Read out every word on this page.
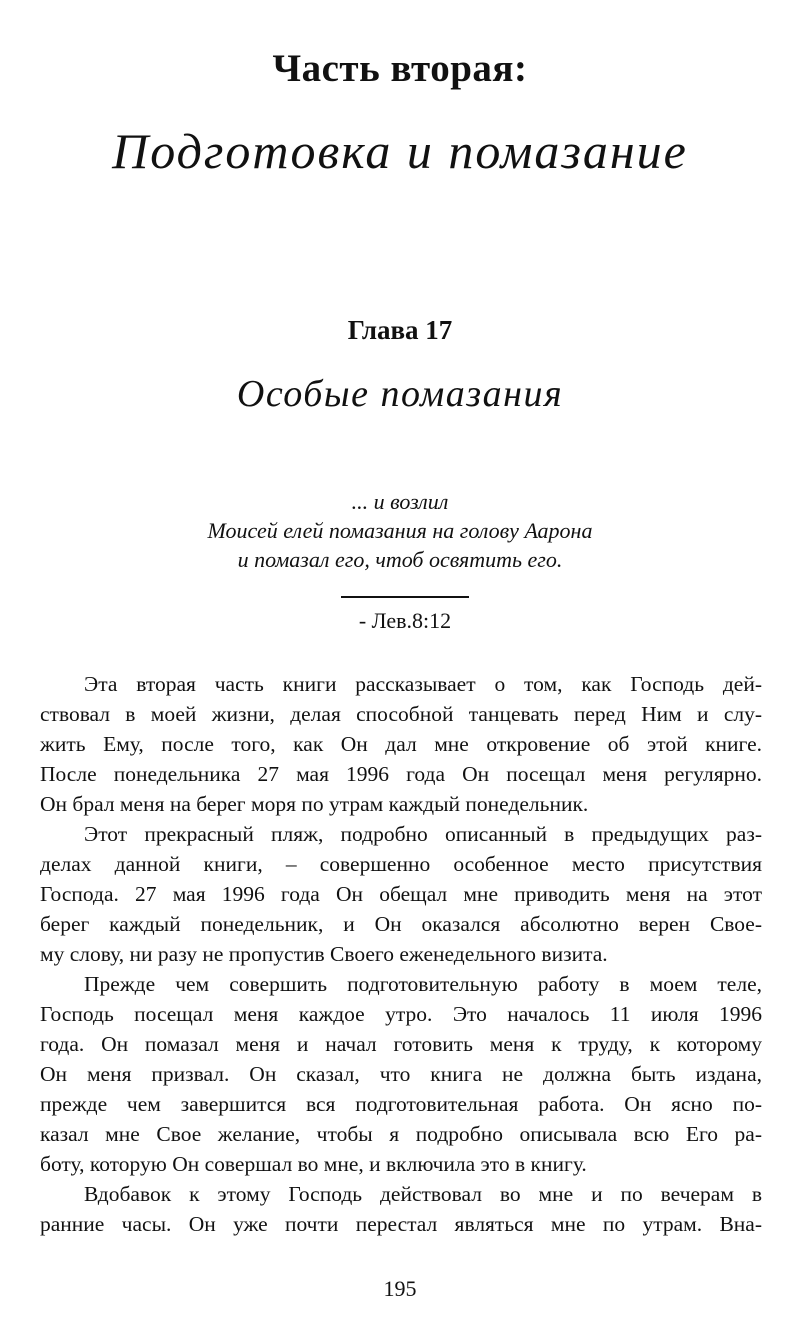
Часть вторая:
Подготовка и помазание
Глава 17
Особые помазания
... и возлил
Моисей елей помазания на голову Аарона
и помазал его, чтоб освятить его.
- Лев.8:12
Эта вторая часть книги рассказывает о том, как Господь дей-
ствовал в моей жизни, делая способной танцевать перед Ним и слу-
жить Ему, после того, как Он дал мне откровение об этой книге.
После понедельника 27 мая 1996 года Он посещал меня регулярно.
Он брал меня на берег моря по утрам каждый понедельник.
Этот прекрасный пляж, подробно описанный в предыдущих раз-
делах данной книги, – совершенно особенное место присутствия
Господа. 27 мая 1996 года Он обещал мне приводить меня на этот
берег каждый понедельник, и Он оказался абсолютно верен Свое-
му слову, ни разу не пропустив Своего еженедельного визита.
Прежде чем совершить подготовительную работу в моем теле,
Господь посещал меня каждое утро. Это началось 11 июля 1996
года. Он помазал меня и начал готовить меня к труду, к которому
Он меня призвал. Он сказал, что книга не должна быть издана,
прежде чем завершится вся подготовительная работа. Он ясно по-
казал мне Свое желание, чтобы я подробно описывала всю Его ра-
боту, которую Он совершал во мне, и включила это в книгу.
Вдобавок к этому Господь действовал во мне и по вечерам в
ранние часы. Он уже почти перестал являться мне по утрам. Вна-
195
